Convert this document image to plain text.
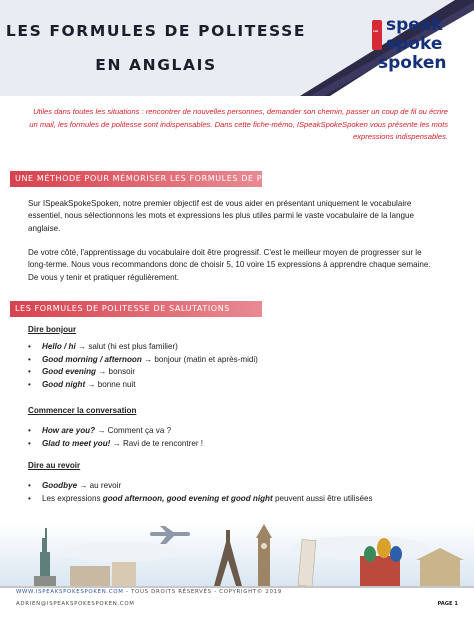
LES FORMULES DE POLITESSE
EN ANGLAIS
i speak
spoke
spoken

Utiles dans toutes les situations : rencontrer de nouvelles personnes, demander son chemin, passer un coup de fil ou écrire un mail, les formules de politesse sont indispensables. Dans cette fiche-mémo, ISpeakSpokeSpoken vous présente les mots expressions indispensables.

UNE MÉTHODE POUR MÉMORISER LES FORMULES DE POLITESSE

Sur ISpeakSpokeSpoken, notre premier objectif est de vous aider en présentant uniquement le vocabulaire essentiel, nous sélectionnons les mots et expressions les plus utiles parmi le vaste vocabulaire de la langue anglaise.

De votre côté, l'apprentissage du vocabulaire doit être progressif. C'est le meilleur moyen de progresser sur le long-terme. Nous vous recommandons donc de choisir 5, 10 voire 15 expressions à apprendre chaque semaine. De vous y tenir et pratiquer régulièrement.

LES FORMULES DE POLITESSE DE SALUTATIONS
Dire bonjour
• Hello / hi → salut (hi est plus familier)
• Good morning / afternoon → bonjour (matin et après-midi)
• Good evening → bonsoir
• Good night → bonne nuit
Commencer la conversation
• How are you? → Comment ça va ?
• Glad to meet you! → Ravi de te rencontrer !
Dire au revoir
• Goodbye → au revoir
• Les expressions good afternoon, good evening et good night peuvent aussi être utilisées
WWW.ISPEAKSPOKESPOKEN.COM - TOUS DROITS RÉSERVÉS - COPYRIGHT© 2019
ADRIEN@ISPEAKSPOKESPOKEN.COM	PAGE 1
